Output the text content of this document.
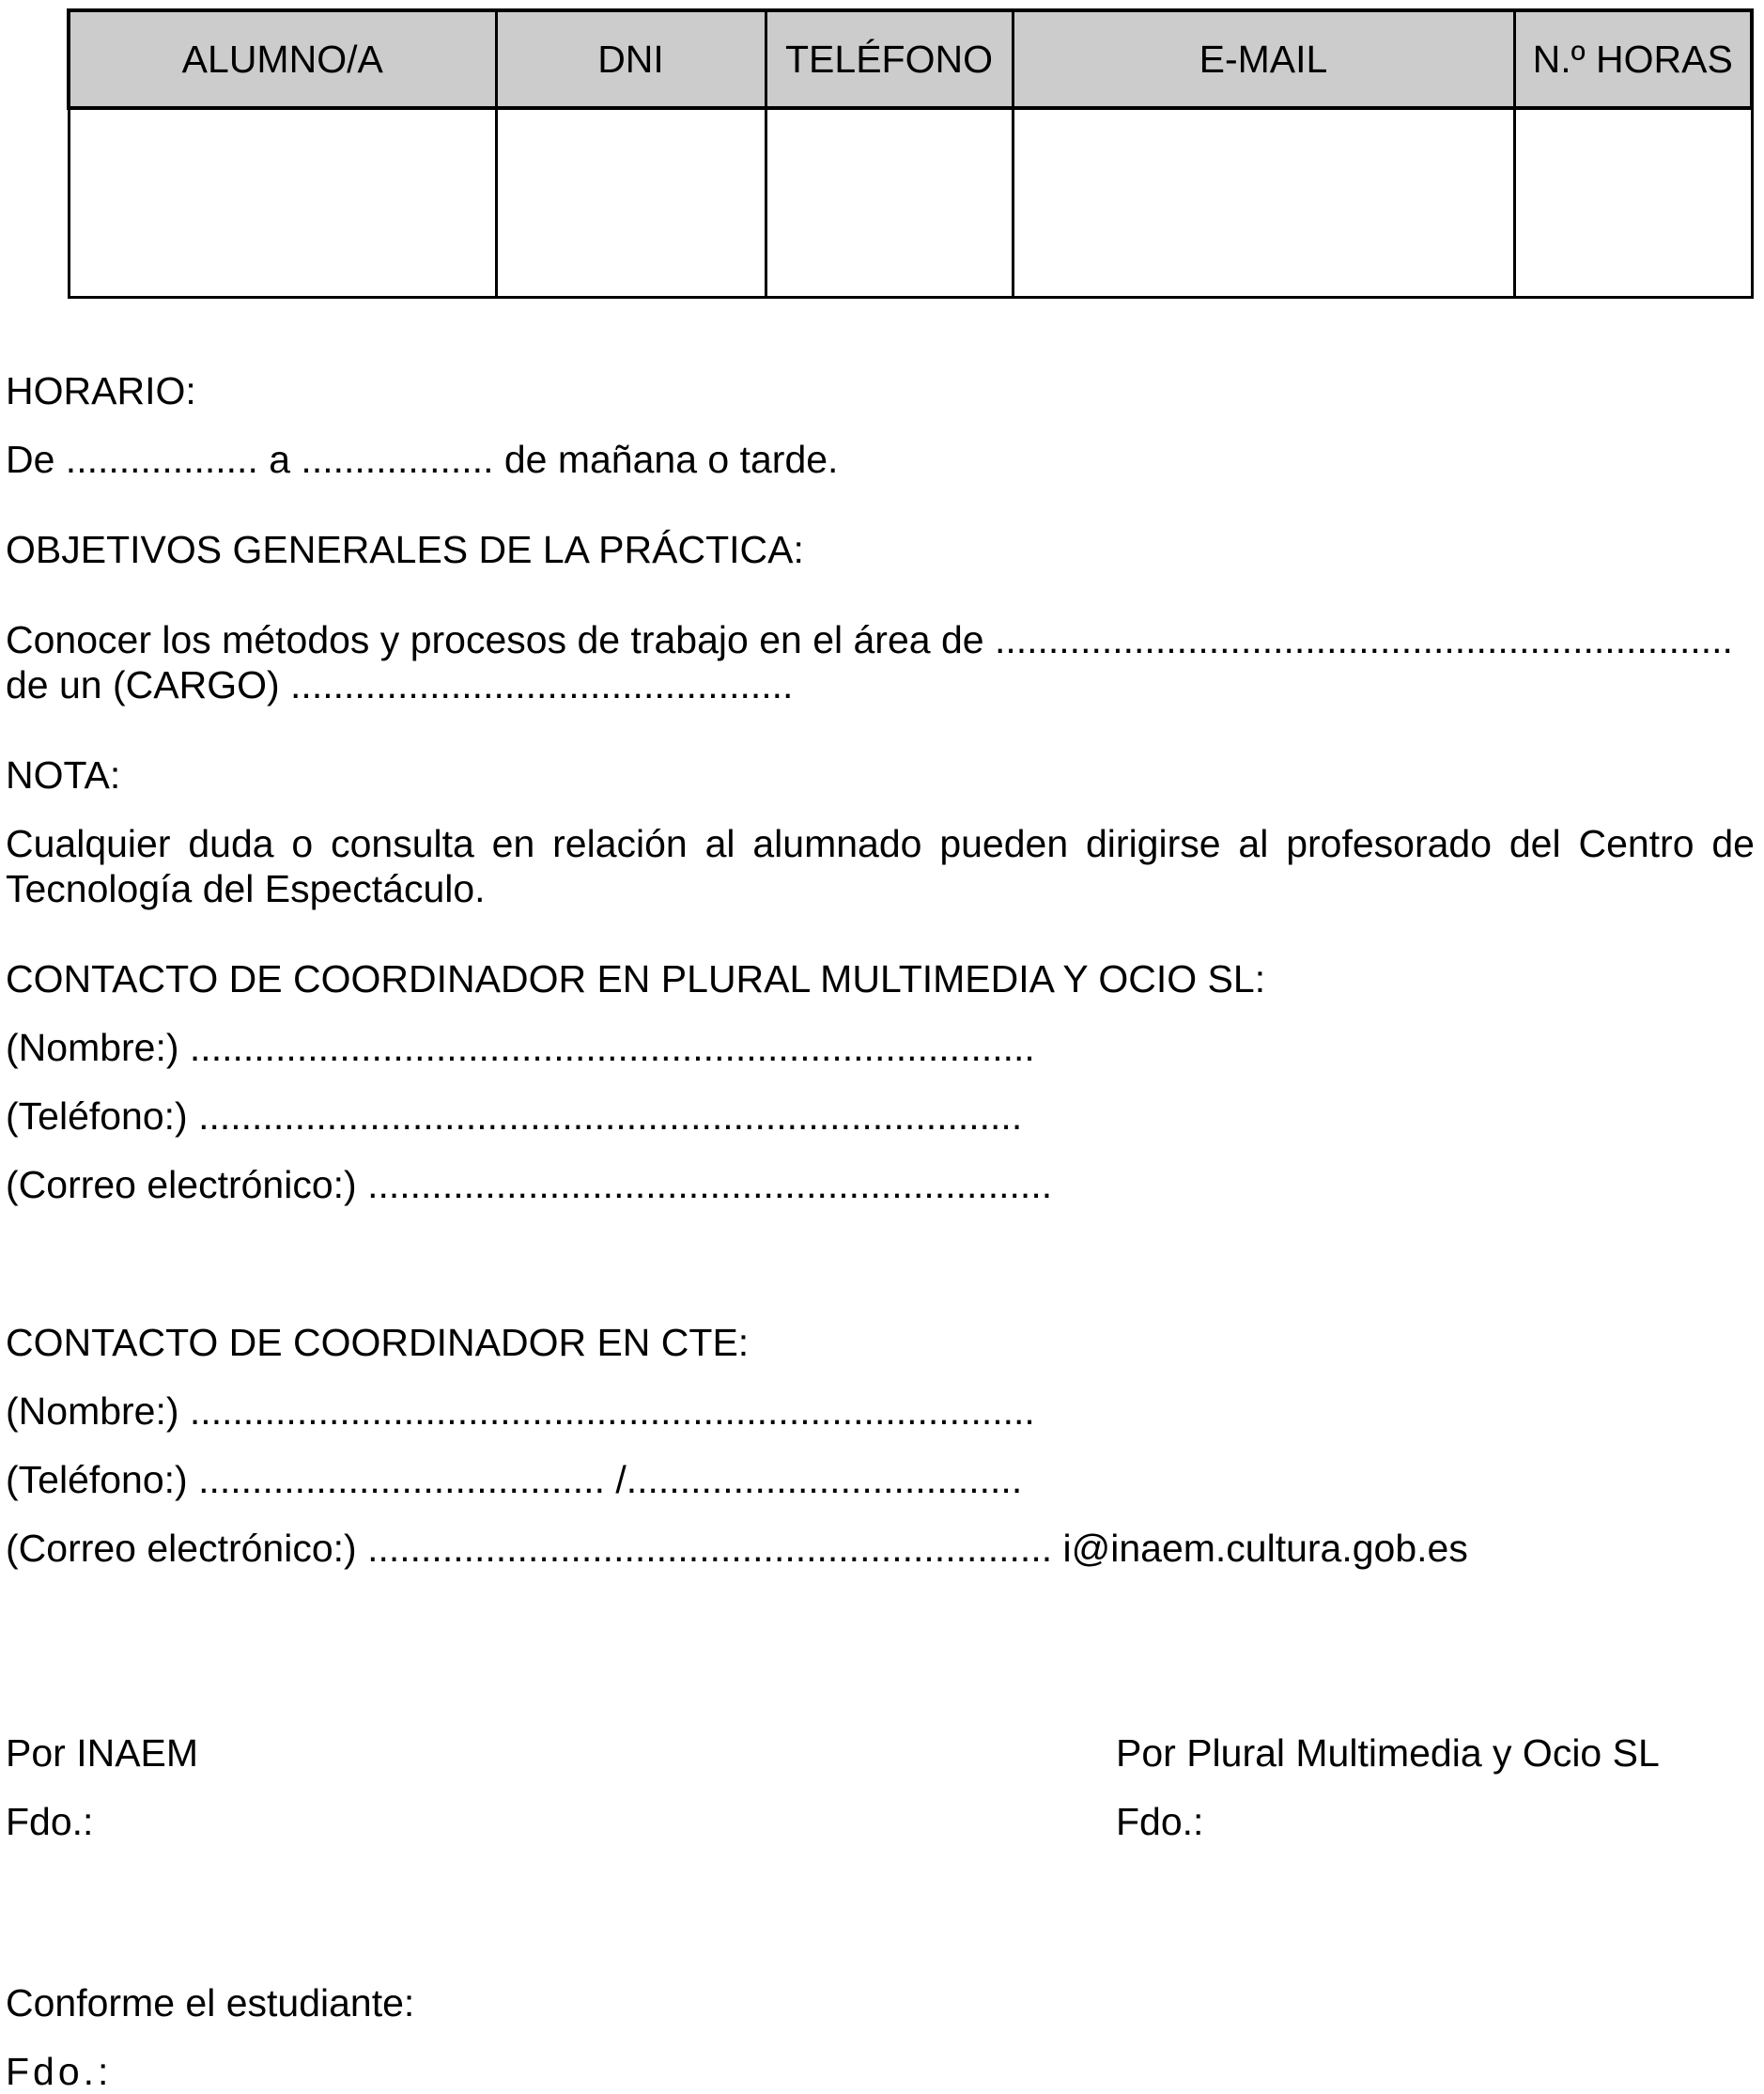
ALUMNO/A	DNI	TELÉFONO	E-MAIL	N.º HORAS

HORARIO:

De .................. a .................. de mañana o tarde.

OBJETIVOS GENERALES DE LA PRÁCTICA:

Conocer los métodos y procesos de trabajo en el área de .....................................................................

de un (CARGO) ...............................................

NOTA:

Cualquier duda o consulta en relación al alumnado pueden dirigirse al profesorado del Centro de
Tecnología del Espectáculo.

CONTACTO DE COORDINADOR EN PLURAL MULTIMEDIA Y OCIO SL:

(Nombre:) ...............................................................................

(Teléfono:) .............................................................................

(Correo electrónico:) ................................................................

CONTACTO DE COORDINADOR EN CTE:

(Nombre:) ...............................................................................

(Teléfono:) ...................................... /.....................................

(Correo electrónico:) ................................................................ i@inaem.cultura.gob.es

Por INAEM

Fdo.:

Por Plural Multimedia y Ocio SL

Fdo.:

Conforme el estudiante:

Fdo.:
